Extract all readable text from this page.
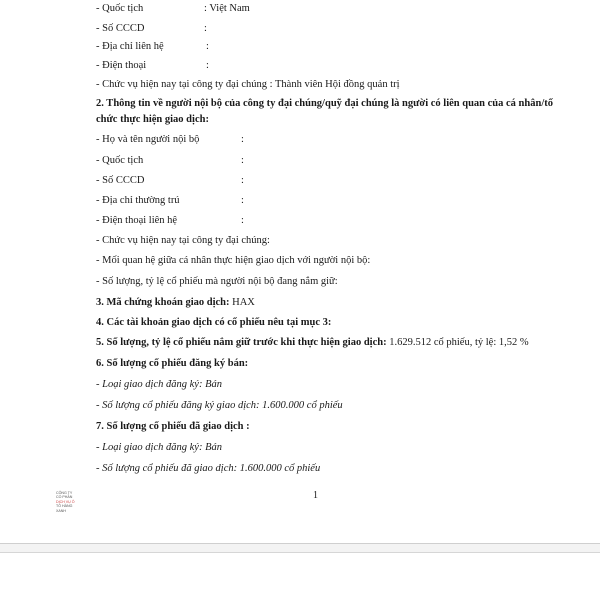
- Quốc tịch	: Việt Nam
- Số CCCD	:
- Địa chỉ liên hệ	:
- Điện thoại	:
- Chức vụ hiện nay tại công ty đại chúng : Thành viên Hội đồng quản trị
2. Thông tin về người nội bộ của công ty đại chúng/quỹ đại chúng là người có liên quan của cá nhân/tổ
chức thực hiện giao dịch:
- Họ và tên người nội bộ	:
- Quốc tịch	:
- Số CCCD	:
- Địa chỉ thường trú	:
- Điện thoại liên hệ	:
- Chức vụ hiện nay tại công ty đại chúng:
- Mối quan hệ giữa cá nhân thực hiện giao dịch với người nội bộ:
- Số lượng, tỷ lệ cổ phiếu mà người nội bộ đang nắm giữ:
3. Mã chứng khoán giao dịch: HAX
4. Các tài khoản giao dịch có cổ phiếu nêu tại mục 3:
5. Số lượng, tỷ lệ cổ phiếu nắm giữ trước khi thực hiện giao dịch: 1.629.512 cổ phiếu, tỷ lệ: 1,52 %
6. Số lượng cổ phiếu đăng ký bán:
- Loại giao dịch đăng ký: Bán
- Số lượng cổ phiếu đăng ký giao dịch: 1.600.000 cổ phiếu
7. Số lượng cổ phiếu đã giao dịch :
- Loại giao dịch đăng ký: Bán
- Số lượng cổ phiếu đã giao dịch: 1.600.000 cổ phiếu
CÔNG TY
CỔ PHẦN
DỊCH VỤ Ô
TÔ HÀNG
XANH
1
